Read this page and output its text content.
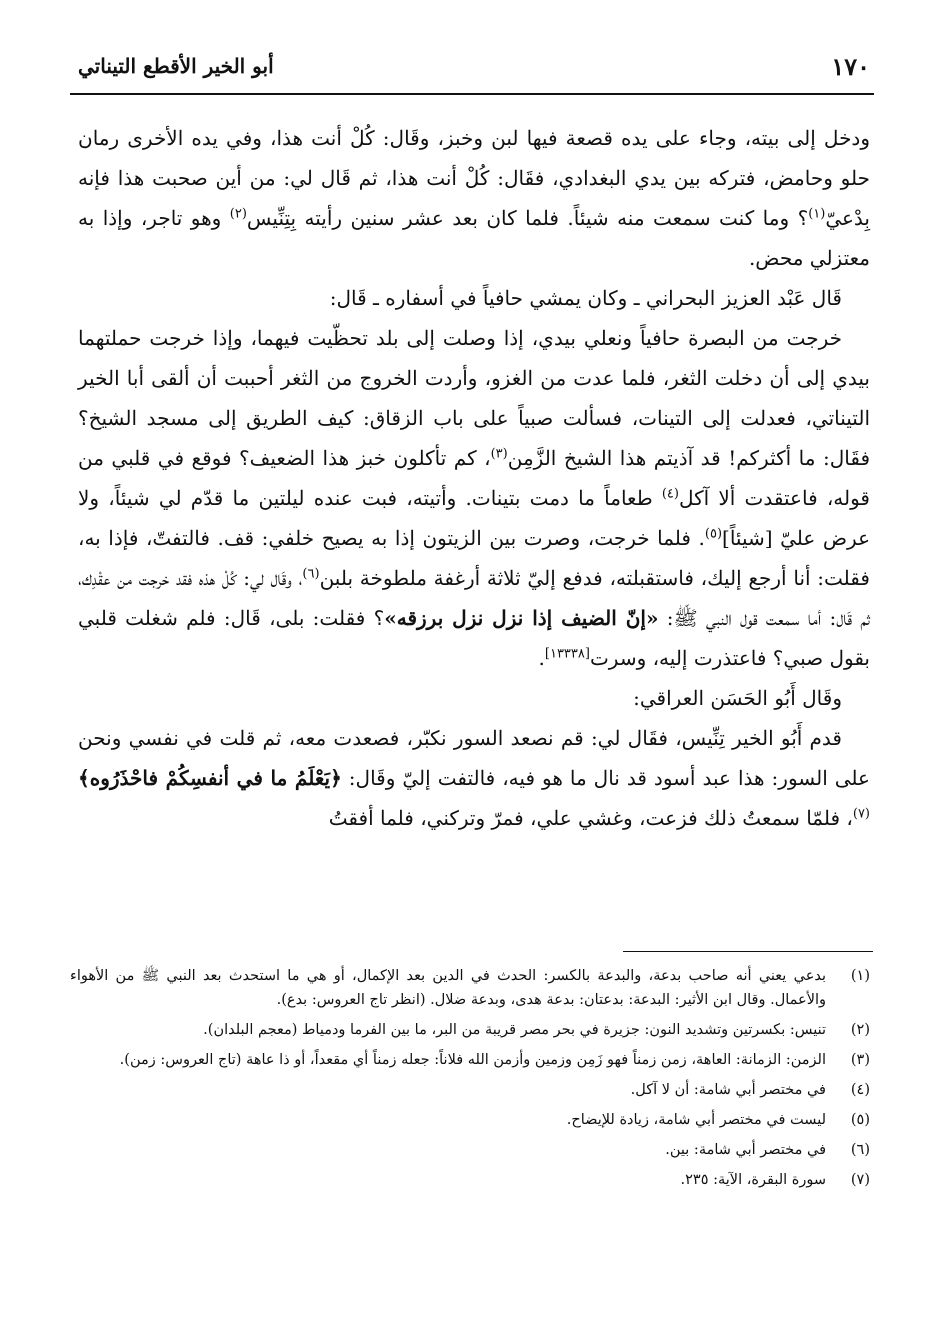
١٧٠
أبو الخير الأقطع التيناتي

ودخل إلى بيته، وجاء على يده قصعة فيها لبن وخبز، وقَال: كُلْ أنت هذا، وفي يده الأخرى رمان حلو وحامض، فتركه بين يدي البغدادي، فقَال: كُلْ أنت هذا، ثم قَال لي: من أين صحبت هذا فإنه بِدْعيّ$^{(١)}$؟ وما كنت سمعت منه شيئاً. فلما كان بعد عشر سنين رأيته بِتِنِّيس$^{(٢)}$ وهو تاجر، وإذا به معتزلي محض.

قَال عَبْد العزيز البحراني ـ وكان يمشي حافياً في أسفاره ـ قَال:

خرجت من البصرة حافياً ونعلي بيدي، إذا وصلت إلى بلد تحظّيت فيهما، وإذا خرجت حملتهما بيدي إلى أن دخلت الثغر، فلما عدت من الغزو، وأردت الخروج من الثغر أحببت أن ألقى أبا الخير التيناتي، فعدلت إلى التينات، فسألت صبياً على باب الزقاق: كيف الطريق إلى مسجد الشيخ؟ فقَال: ما أكثركم! قد آذيتم هذا الشيخ الزَّمِن$^{(٣)}$، كم تأكلون خبز هذا الضعيف؟ فوقع في قلبي من قوله، فاعتقدت ألا آكل$^{(٤)}$ طعاماً ما دمت بتينات. وأتيته، فبت عنده ليلتين ما قدّم لي شيئاً، ولا عرض عليّ [شيئاً]$^{(٥)}$. فلما خرجت، وصرت بين الزيتون إذا به يصيح خلفي: قف. فالتفتّ، فإذا به، فقلت: أنا أرجع إليك، فاستقبلته، فدفع إليّ ثلاثة أرغفة ملطوخة بلبن$^{(٦)}$، وقَال لي: كُلْ هذه فقد خرجت من عقْدِك، ثم قَال: أما سمعت قول النبي ﷺ: «إنّ الضيف إذا نزل نزل برزقه»؟ فقلت: بلى، قَال: فلم شغلت قلبي بقول صبي؟ فاعتذرت إليه، وسرت[١٣٣٣٨].

وقَال أَبُو الحَسَن العراقي:

قدم أَبُو الخير تِنِّيس، فقَال لي: قم نصعد السور نكبّر، فصعدت معه، ثم قلت في نفسي ونحن على السور: هذا عبد أسود قد نال ما هو فيه، فالتفت إليّ وقَال: ﴿يَعْلَمُ ما في أنفسِكُمْ فاحْذَرُوه﴾$^{(٧)}$، فلمّا سمعتُ ذلك فزعت، وغشي علي، فمرّ وتركني، فلما أفقتُ

(١)
بدعي يعني أنه صاحب بدعة، والبدعة بالكسر: الحدث في الدين بعد الإكمال، أو هي ما استحدث بعد النبي ﷺ من الأهواء والأعمال. وقال ابن الأثير: البدعة: بدعتان: بدعة هدى، وبدعة ضلال. (انظر تاج العروس: بدع).
(٢)
تنيس: بكسرتين وتشديد النون: جزيرة في بحر مصر قريبة من البر، ما بين الفرما ودمياط (معجم البلدان).
(٣)
الزمن: الزمانة: العاهة، زمن زمناً فهو زَمِن وزمين وأزمن الله فلاناً: جعله زمناً أي مقعداً، أو ذا عاهة (تاج العروس: زمن).
(٤)
في مختصر أبي شامة: أن لا آكل.
(٥)
ليست في مختصر أبي شامة، زيادة للإيضاح.
(٦)
في مختصر أبي شامة: بين.
(٧)
سورة البقرة، الآية: ٢٣٥.
